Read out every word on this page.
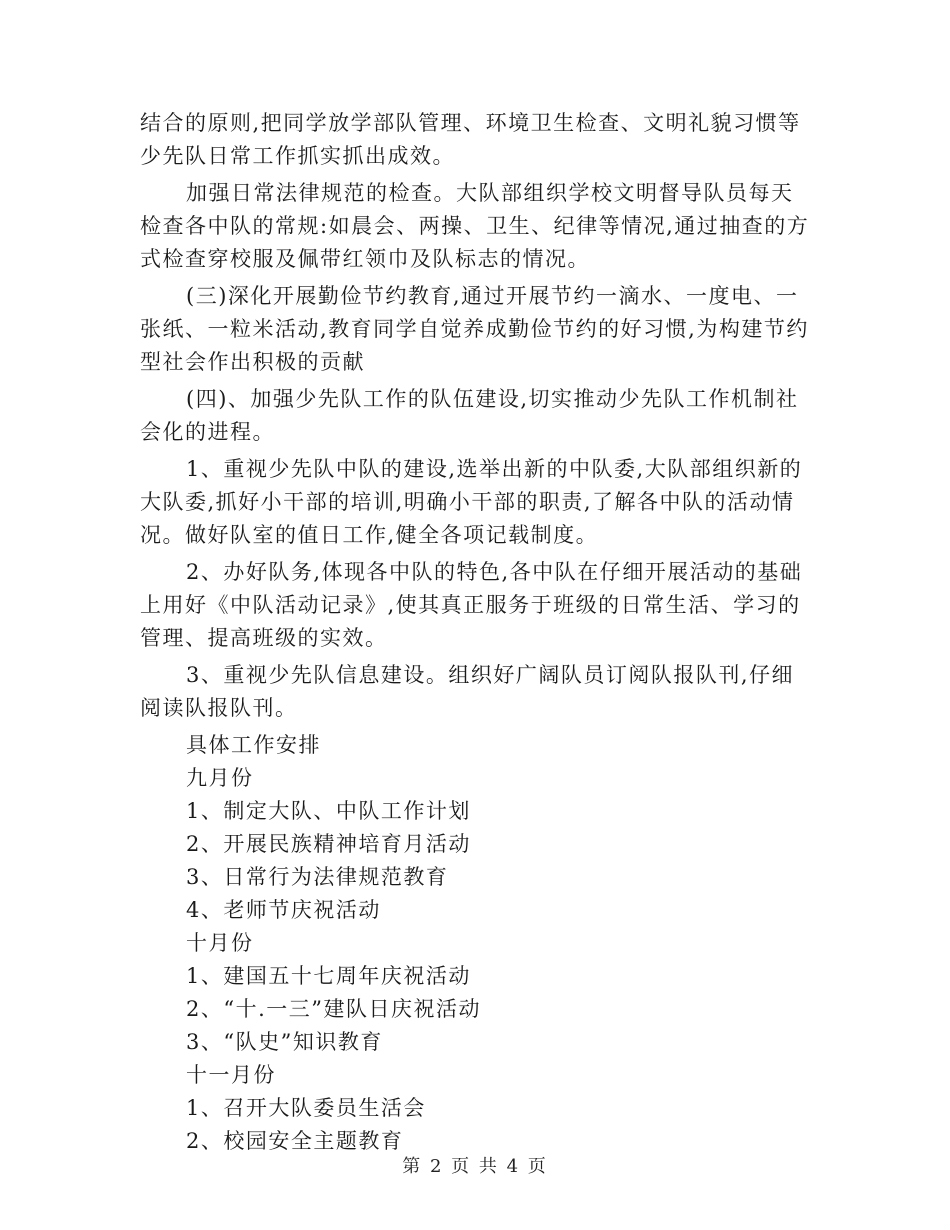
结合的原则,把同学放学部队管理、环境卫生检查、文明礼貌习惯等少先队日常工作抓实抓出成效。

加强日常法律规范的检查。大队部组织学校文明督导队员每天检查各中队的常规:如晨会、两操、卫生、纪律等情况,通过抽查的方式检查穿校服及佩带红领巾及队标志的情况。

(三)深化开展勤俭节约教育,通过开展节约一滴水、一度电、一张纸、一粒米活动,教育同学自觉养成勤俭节约的好习惯,为构建节约型社会作出积极的贡献

(四)、加强少先队工作的队伍建设,切实推动少先队工作机制社会化的进程。

1、重视少先队中队的建设,选举出新的中队委,大队部组织新的大队委,抓好小干部的培训,明确小干部的职责,了解各中队的活动情况。做好队室的值日工作,健全各项记载制度。

2、办好队务,体现各中队的特色,各中队在仔细开展活动的基础上用好《中队活动记录》,使其真正服务于班级的日常生活、学习的管理、提高班级的实效。

3、重视少先队信息建设。组织好广阔队员订阅队报队刊,仔细阅读队报队刊。

具体工作安排

九月份

1、制定大队、中队工作计划

2、开展民族精神培育月活动

3、日常行为法律规范教育

4、老师节庆祝活动

十月份

1、建国五十七周年庆祝活动

2、“十.一三”建队日庆祝活动

3、“队史”知识教育

十一月份

1、召开大队委员生活会

2、校园安全主题教育

第 2 页 共 4 页
